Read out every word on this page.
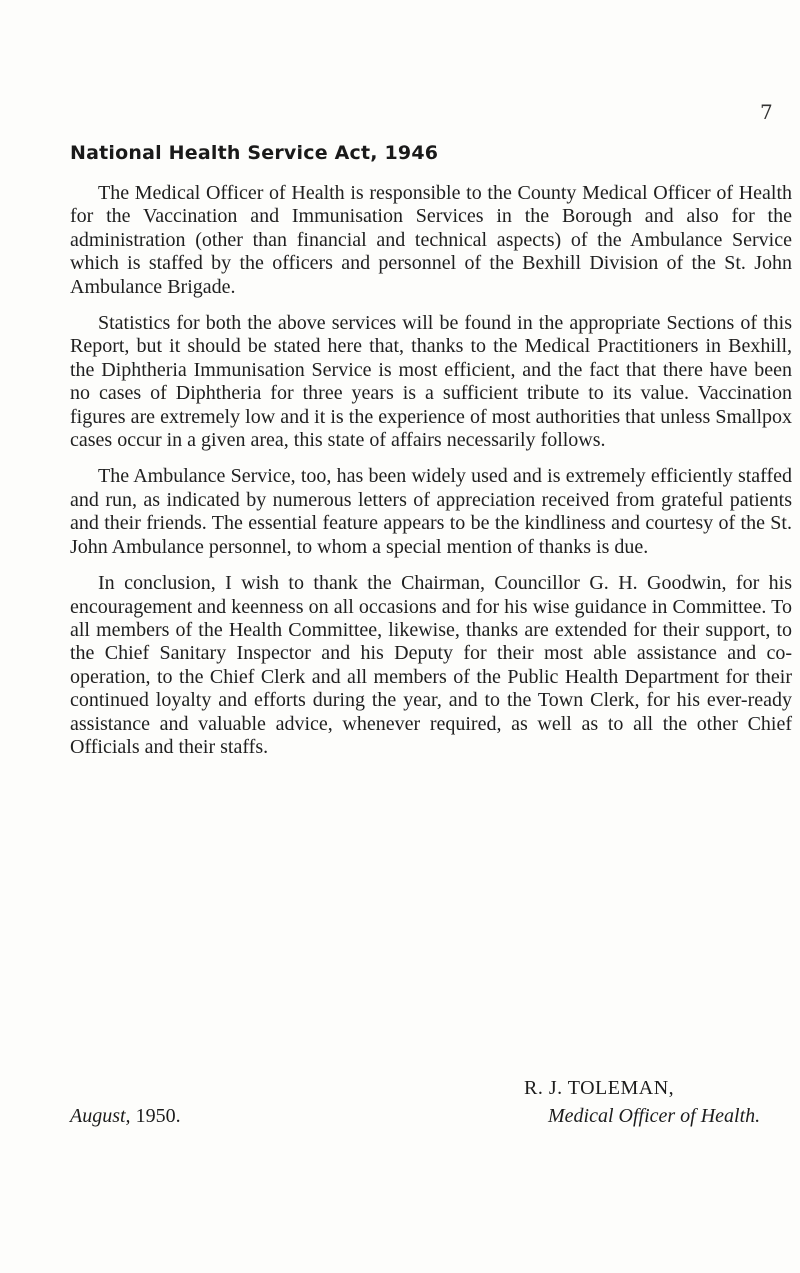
7
National Health Service Act, 1946

The Medical Officer of Health is responsible to the County Medical Officer of Health for the Vaccination and Immunisation Services in the Borough and also for the administration (other than financial and technical aspects) of the Ambulance Service which is staffed by the officers and personnel of the Bexhill Division of the St. John Ambulance Brigade.

Statistics for both the above services will be found in the appropriate Sections of this Report, but it should be stated here that, thanks to the Medical Practitioners in Bexhill, the Diphtheria Immunisation Service is most efficient, and the fact that there have been no cases of Diphtheria for three years is a sufficient tribute to its value. Vaccination figures are extremely low and it is the experience of most authorities that unless Smallpox cases occur in a given area, this state of affairs necessarily follows.

The Ambulance Service, too, has been widely used and is extremely efficiently staffed and run, as indicated by numerous letters of appreciation received from grateful patients and their friends. The essential feature appears to be the kindliness and courtesy of the St. John Ambulance personnel, to whom a special mention of thanks is due.

In conclusion, I wish to thank the Chairman, Councillor G. H. Goodwin, for his encouragement and keenness on all occasions and for his wise guidance in Committee. To all members of the Health Committee, likewise, thanks are extended for their support, to the Chief Sanitary Inspector and his Deputy for their most able assistance and co-operation, to the Chief Clerk and all members of the Public Health Department for their continued loyalty and efforts during the year, and to the Town Clerk, for his ever-ready assistance and valuable advice, whenever required, as well as to all the other Chief Officials and their staffs.

R. J. TOLEMAN,
August, 1950.	Medical Officer of Health.
